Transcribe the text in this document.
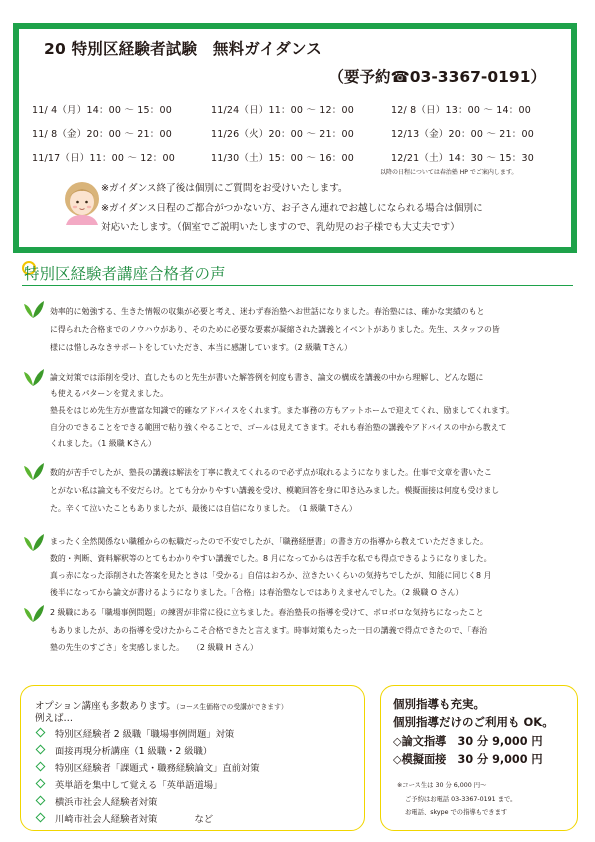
20 特別区経験者試験　無料ガイダンス
（要予約☎03-3367-0191）
11/ 4（月）14：00 〜 15：00	11/24（日）11：00 〜 12：00	12/ 8（日）13：00 〜 14：00
11/ 8（金）20：00 〜 21：00	11/26（火）20：00 〜 21：00	12/13（金）20：00 〜 21：00
11/17（日）11：00 〜 12：00	11/30（土）15：00 〜 16：00	12/21（土）14：30 〜 15：30
以降の日程については春治塾 HP でご案内します。
※ガイダンス終了後は個別にご質問をお受けいたします。
※ガイダンス日程のご都合がつかない方、お子さん連れでお越しになられる場合は個別に
対応いたします。（個室でご説明いたしますので、乳幼児のお子様でも大丈夫です）
特別区経験者講座合格者の声
効率的に勉強する、生きた情報の収集が必要と考え、迷わず春治塾へお世話になりました。春治塾には、確かな実績のもと
に得られた合格までのノウハウがあり、そのために必要な要素が凝縮された講義とイベントがありました。先生、スタッフの皆
様には惜しみなきサポートをしていただき、本当に感謝しています。（2 級職 Tさん）
論文対策では添削を受け、直したものと先生が書いた解答例を何度も書き、論文の構成を講義の中から理解し、どんな題に
も使えるパターンを覚えました。
塾長をはじめ先生方が豊富な知識で的確なアドバイスをくれます。また事務の方もアットホームで迎えてくれ、励ましてくれます。
自分のできることをできる範囲で粘り強くやることで、ゴールは見えてきます。それも春治塾の講義やアドバイスの中から教えて
くれました。（1 級職 Kさん）
数的が苦手でしたが、塾長の講義は解法を丁寧に教えてくれるので必ず点が取れるようになりました。仕事で文章を書いたこ
とがない私は論文も不安だらけ。とても分かりやすい講義を受け、模範回答を身に叩き込みました。模擬面接は何度も受けまし
た。辛くて泣いたこともありましたが、最後には自信になりました。　（1 級職 Tさん）
まったく全然関係ない職種からの転職だったので不安でしたが、「職務経歴書」の書き方の指導から教えていただきました。
数的・判断、資料解釈等のとてもわかりやすい講義でした。8 月になってからは苦手な私でも得点できるようになりました。
真っ赤になった添削された答案を見たときは「受かる」自信はおろか、泣きたいくらいの気持ちでしたが、知能に同じく8 月
後半になってから論文が書けるようになりました。「合格」は春治塾なしではありえませんでした。（2 級職 O さん）
2 級職にある「職場事例問題」の練習が非常に役に立ちました。春治塾長の指導を受けて、ボロボロな気持ちになったこと
もありましたが、あの指導を受けたからこそ合格できたと言えます。時事対策もたった一日の講義で得点できたので、「春治
塾の先生のすごさ」を実感しました。　　（2 級職 H さん）
オプション講座も多数あります。（コース生価格での受講ができます）
例えば…
特別区経験者 2 級職「職場事例問題」対策
面接再現分析講座（1 級職・2 級職）
特別区経験者「課題式・職務経験論文」直前対策
英単語を集中して覚える「英単語道場」
横浜市社会人経験者対策
川崎市社会人経験者対策　　　　など
個別指導も充実。
個別指導だけのご利用も OK。
◇論文指導　30 分 9,000 円
◇模擬面接　30 分 9,000 円
※コース生は 30 分 6,000 円〜
ご予約はお電話 03-3367-0191 まで。
お電話、skype での指導もできます
